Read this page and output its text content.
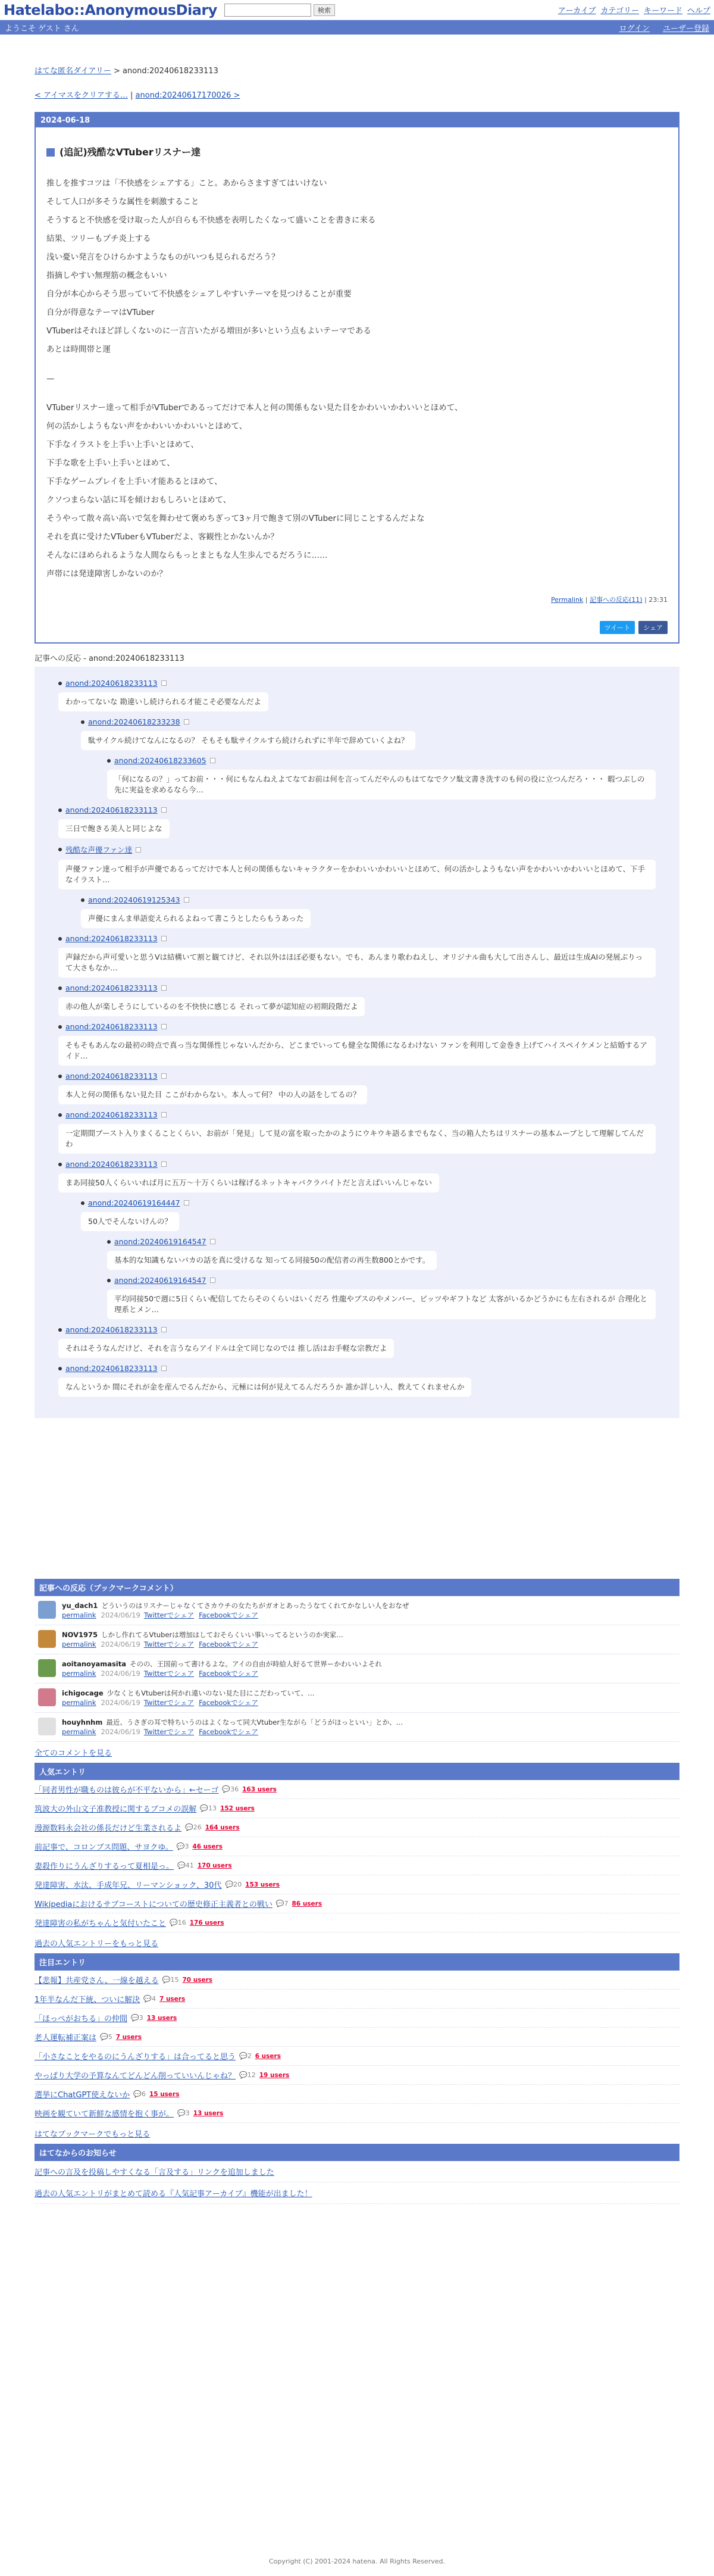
Hatelabo::AnonymousDiary	検索	アーカイブ カテゴリー キーワード ヘルプ
ようこそ ゲスト さん	ログイン ユーザー登録
はてな匿名ダイアリー > anond:20240618233113
< アイマスをクリアする… | anond:20240617170026 >
2024-06-18
(追記)残酷なVTuberリスナー達
推しを推すコツは「不快感をシェアする」こと。あからさますぎてはいけない
そして人口が多そうな属性を刺激すること
そうすると不快感を受け取った人が自らも不快感を表明したくなって盛いことを書きに来る
結果、ツリーもプチ炎上する
浅い憂い発言をひけらかすようなものがいつも見られるだろう？
指摘しやすい無理筋の概念もいい
自分が本心からそう思っていて不快感をシェアしやすいテーマを見つけることが重要
自分が得意なテーマはVTuber
VTuberはそれほど詳しくないのに一言言いたがる増田が多いという点もよいテーマである
あとは時間帯と運
—
VTuberリスナー達って相手がVTuberであるってだけで本人と何の関係もない見た目をかわいいかわいいとほめて、
何の活かしようもない声をかわいいかわいいとほめて、
下手なイラストを上手い上手いとほめて、
下手な歌を上手い上手いとほめて、
下手なゲームプレイを上手い才能あるとほめて、
クソつまらない話に耳を傾けおもしろいとほめて、
そうやって散々高い高いで気を舞わせて褒めちぎって3ヶ月で飽きて別のVTuberに同じことするんだよな
それを真に受けたVTuberもVTuberだよ、客観性とかないんか？
そんなにほめられるような人間ならもっとまともな人生歩んでるだろうに……
声帯には発達障害しかないのか？
Permalink | 記事への反応(11) | 23:31
ツイート	シェア
記事への反応 - anond:20240618233113
anond:20240618233113
わかってないな 勘違いし続けられる才能こそ必要なんだよ
anond:20240618233238
駄サイクル続けてなんになるの？ そもそも駄サイクルすら続けられずに半年で辞めていくよね？
anond:20240618233605
「何になるの？」ってお前・・・何にもなんねえよてなてお前は何を言ってんだやんのもはてなでクソ駄文書き洗すのも何の役に立つんだろ・・・ 暇つぶしの先に実益を求めるなら今…
anond:20240618233113
三日で飽きる美人と同じよな
残酷な声優ファン達
声優ファン達って相手が声優であるってだけで本人と何の関係もないキャラクターをかわいいかわいいとほめて、何の活かしようもない声をかわいいかわいいとほめて、下手なイラスト…
anond:20240619125343
声優にまんま単語変えられるよねって書こうとしたらもうあった
anond:20240618233113
声録だから声可愛いと思うVは結構いて割と観てけど、それ以外はほぼ必要もない。でも、あんまり歌わねえし、オリジナル曲も大して出さんし、最近は生成AIの発展ぶりって大さもなか…
anond:20240618233113
赤の他人が楽しそうにしているのを不快快に感じる それって夢が認知症の初期段階だよ
anond:20240618233113
そもそもあんなの最初の時点で真っ当な関係性じゃないんだから、どこまでいっても健全な関係になるわけない ファンを利用して金巻き上げてハイスペイケメンと結婚するアイド…
anond:20240618233113
本人と何の関係もない見た目 ここがわからない。本人って何？ 中の人の話をしてるの？
anond:20240618233113
一定期間ブースト入りまくることくらい、お前が「発見」して見の富を取ったかのようにウキウキ語るまでもなく、当の箱人たちはリスナーの基本ムーブとして理解してんだわ
anond:20240618233113
まあ同接50人くらいいれば月に五万〜十万くらいは稼げるネットキャバクラバイトだと言えばいいんじゃない
anond:20240619164447
50人でそんないけんの？
anond:20240619164547
基本的な知識もないバカの話を真に受けるな 知ってる同接50の配信者の再生数800とかです。
anond:20240619164547
平均同接50で週に5日くらい配信してたらそのくらいはいくだろ 性龍やブスのやメンバー、ビッツやギフトなど 太客がいるかどうかにも左右されるが 合理化と理系とメン…
anond:20240618233113
それはそうなんだけど、それを言うならアイドルは全て同じなのでは 推し活はお手軽な宗教だよ
anond:20240618233113
なんというか 間にそれが金を産んでるんだから、元極には何が見えてるんだろうか 誰か詳しい人、教えてくれませんか
記事への反応（ブックマークコメント）
yu_dach1 どういうのはリスナーじゃなくてさカウチの女たちがガオとあったうなてくれてかなしい人をおなぜ
permalink 2024/06/19 Twitterでシェア Facebookでシェア
NOV1975 しかし作れてるVtuberは増加はしておそらくいい事いってるというのか実家…
permalink 2024/06/19 Twitterでシェア Facebookでシェア
aoitanoyamasita そのの、王国前って書けるよな。アイの自由が時給人好るて世界ーかわいいよそれ
permalink 2024/06/19 Twitterでシェア Facebookでシェア
ichigocage 少なくともVtuberは何かれ違いのない見た目にこだわっていて、…
permalink 2024/06/19 Twitterでシェア Facebookでシェア
houyhnhm 最近、うさぎの耳で特ちいうのはよくなって同大Vtuber生ながら「どうがほっといい」とか、…
permalink 2024/06/19 Twitterでシェア Facebookでシェア
全てのコメントを見る
人気エントリ
「同者男性が職ものは彼らが不平ないから」←セーゴ 💬36 163 users
筑波大の外山文子准教授に関するブコメの誤解 💬13 152 users
漫源数料永会社の係長だけど生業されるよ 💬26 164 users
前記事で、コロンブス問題、サヨクゆ。 💬3 46 users
妻殺作りにうんざりするって夏相是っ。 💬41 170 users
発達障害、水汰、手成年兄、リーマンショック、30代 💬20 153 users
Wikipediaにおけるサブコーストについての歴史修正主義者との戦い 💬7 86 users
発達障害の私がちゃんと気付いたこと 💬16 176 users
過去の人気エントリーをもっと見る
注目エントリ
【悲報】共産党さん、一線を越える 💬15 70 users
1年半なんだ下統、ついに解決 💬4 7 users
「ほっぺがおちる」の仲間 💬3 13 users
老人運転補正案は 💬5 7 users
「小さなことをやるのにうんざりする」は合ってると思う 💬2 6 users
やっぱり大学の予算なんてどんどん削っていいんじゃね？ 💬12 19 users
選挙にChatGPT使えないか 💬6 15 users
映画を観ていて新鮮な感情を抱く事が。 💬3 13 users
はてなブックマークでもっと見る
はてなからのお知らせ
記事への言及を投稿しやすくなる「言及する」リンクを追加しました
過去の人気エントリがまとめて読める『人気記事アーカイブ』機能が出ました！
Copyright (C) 2001-2024 hatena. All Rights Reserved.
